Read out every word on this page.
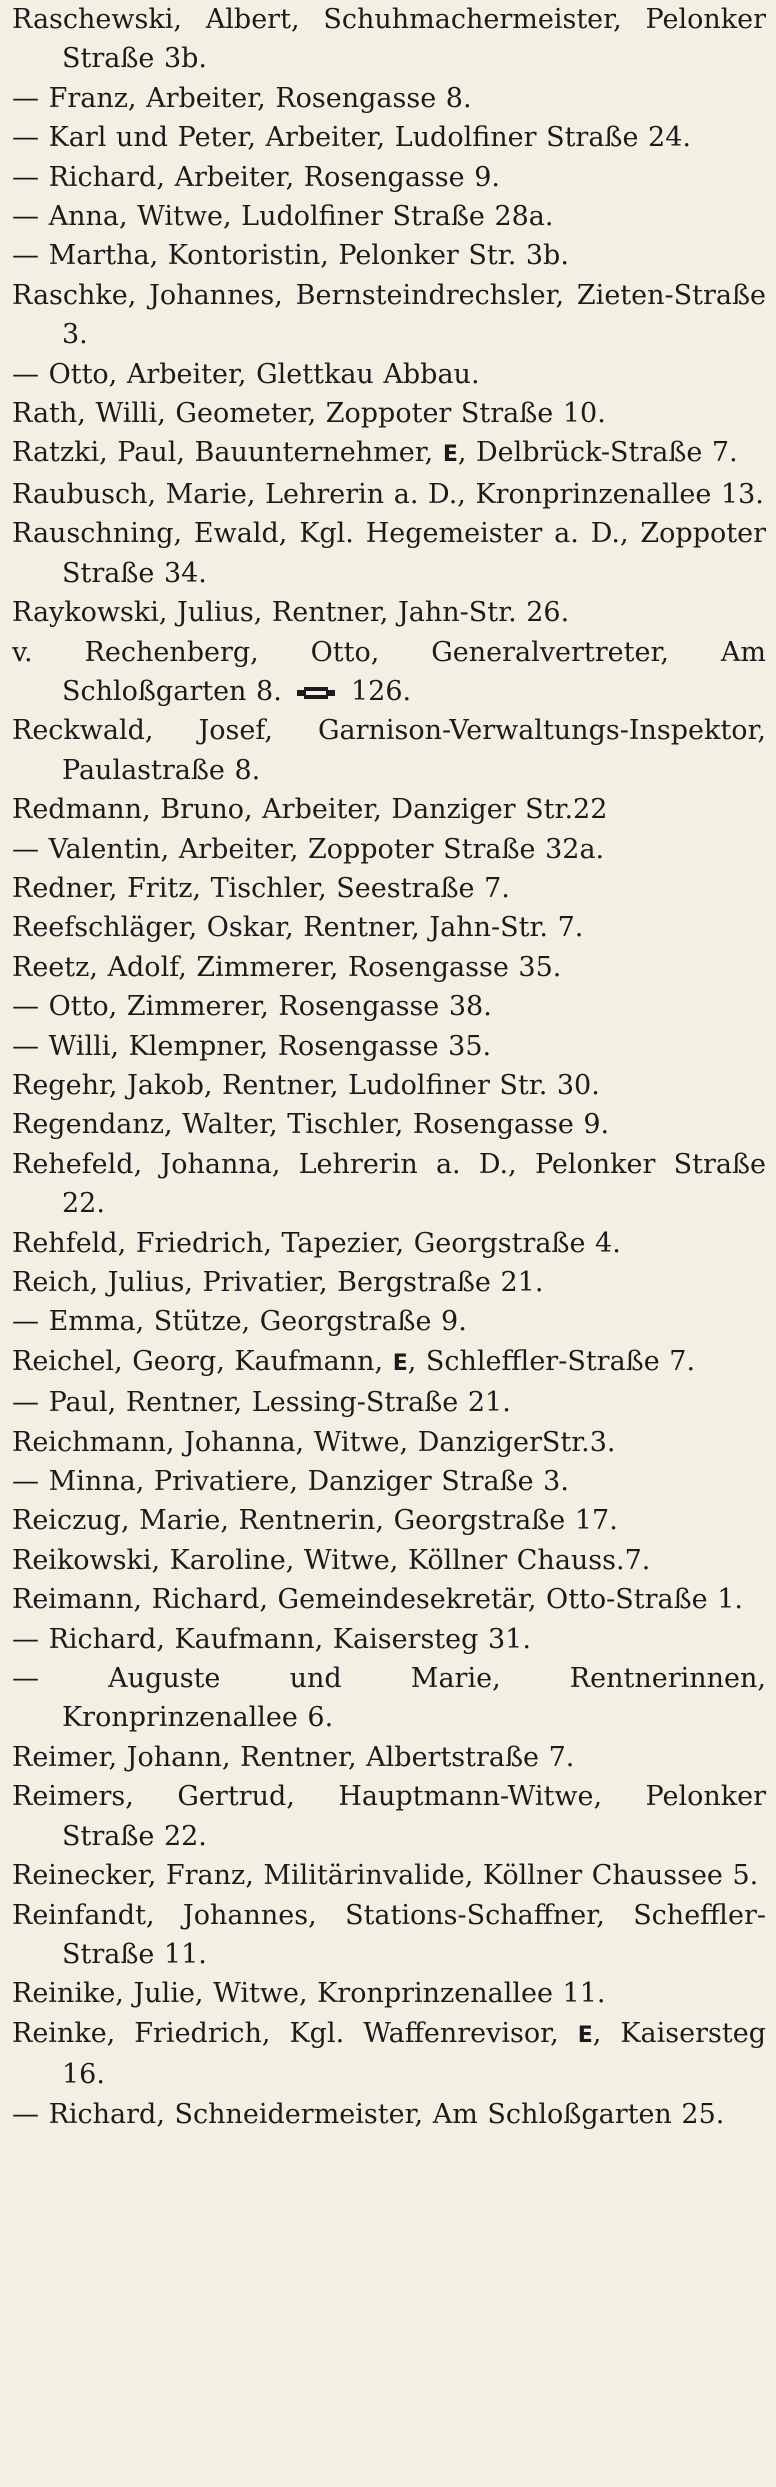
Raschewski, Albert, Schuhmachermeister, Pelonker Straße 3b.

— Franz, Arbeiter, Rosengasse 8.

— Karl und Peter, Arbeiter, Ludolfiner Straße 24.

— Richard, Arbeiter, Rosengasse 9.

— Anna, Witwe, Ludolfiner Straße 28a.

— Martha, Kontoristin, Pelonker Str. 3b.

Raschke, Johannes, Bernsteindrechsler, Zieten-Straße 3.

— Otto, Arbeiter, Glettkau Abbau.

Rath, Willi, Geometer, Zoppoter Straße 10.

Ratzki, Paul, Bauunternehmer, E, Delbrück-Straße 7.

Raubusch, Marie, Lehrerin a. D., Kronprinzenallee 13.

Rauschning, Ewald, Kgl. Hegemeister a. D., Zoppoter Straße 34.

Raykowski, Julius, Rentner, Jahn-Str. 26.

v. Rechenberg, Otto, Generalvertreter, Am Schloßgarten 8.  126.

Reckwald, Josef, Garnison-Verwaltungs-Inspektor, Paulastraße 8.

Redmann, Bruno, Arbeiter, Danziger Str.22

— Valentin, Arbeiter, Zoppoter Straße 32a.

Redner, Fritz, Tischler, Seestraße 7.

Reefschläger, Oskar, Rentner, Jahn-Str. 7.

Reetz, Adolf, Zimmerer, Rosengasse 35.

— Otto, Zimmerer, Rosengasse 38.

— Willi, Klempner, Rosengasse 35.

Regehr, Jakob, Rentner, Ludolfiner Str. 30.

Regendanz, Walter, Tischler, Rosengasse 9.

Rehefeld, Johanna, Lehrerin a. D., Pelonker Straße 22.

Rehfeld, Friedrich, Tapezier, Georgstraße 4.

Reich, Julius, Privatier, Bergstraße 21.

— Emma, Stütze, Georgstraße 9.

Reichel, Georg, Kaufmann, E, Schleffler-Straße 7.

— Paul, Rentner, Lessing-Straße 21.

Reichmann, Johanna, Witwe, DanzigerStr.3.

— Minna, Privatiere, Danziger Straße 3.

Reiczug, Marie, Rentnerin, Georgstraße 17.

Reikowski, Karoline, Witwe, Köllner Chauss.7.

Reimann, Richard, Gemeindesekretär, Otto-Straße 1.

— Richard, Kaufmann, Kaisersteg 31.

— Auguste und Marie, Rentnerinnen, Kronprinzenallee 6.

Reimer, Johann, Rentner, Albertstraße 7.

Reimers, Gertrud, Hauptmann-Witwe, Pelonker Straße 22.

Reinecker, Franz, Militärinvalide, Köllner Chaussee 5.

Reinfandt, Johannes, Stations-Schaffner, Scheffler-Straße 11.

Reinike, Julie, Witwe, Kronprinzenallee 11.

Reinke, Friedrich, Kgl. Waffenrevisor, E, Kaisersteg 16.

— Richard, Schneidermeister, Am Schloßgarten 25.
